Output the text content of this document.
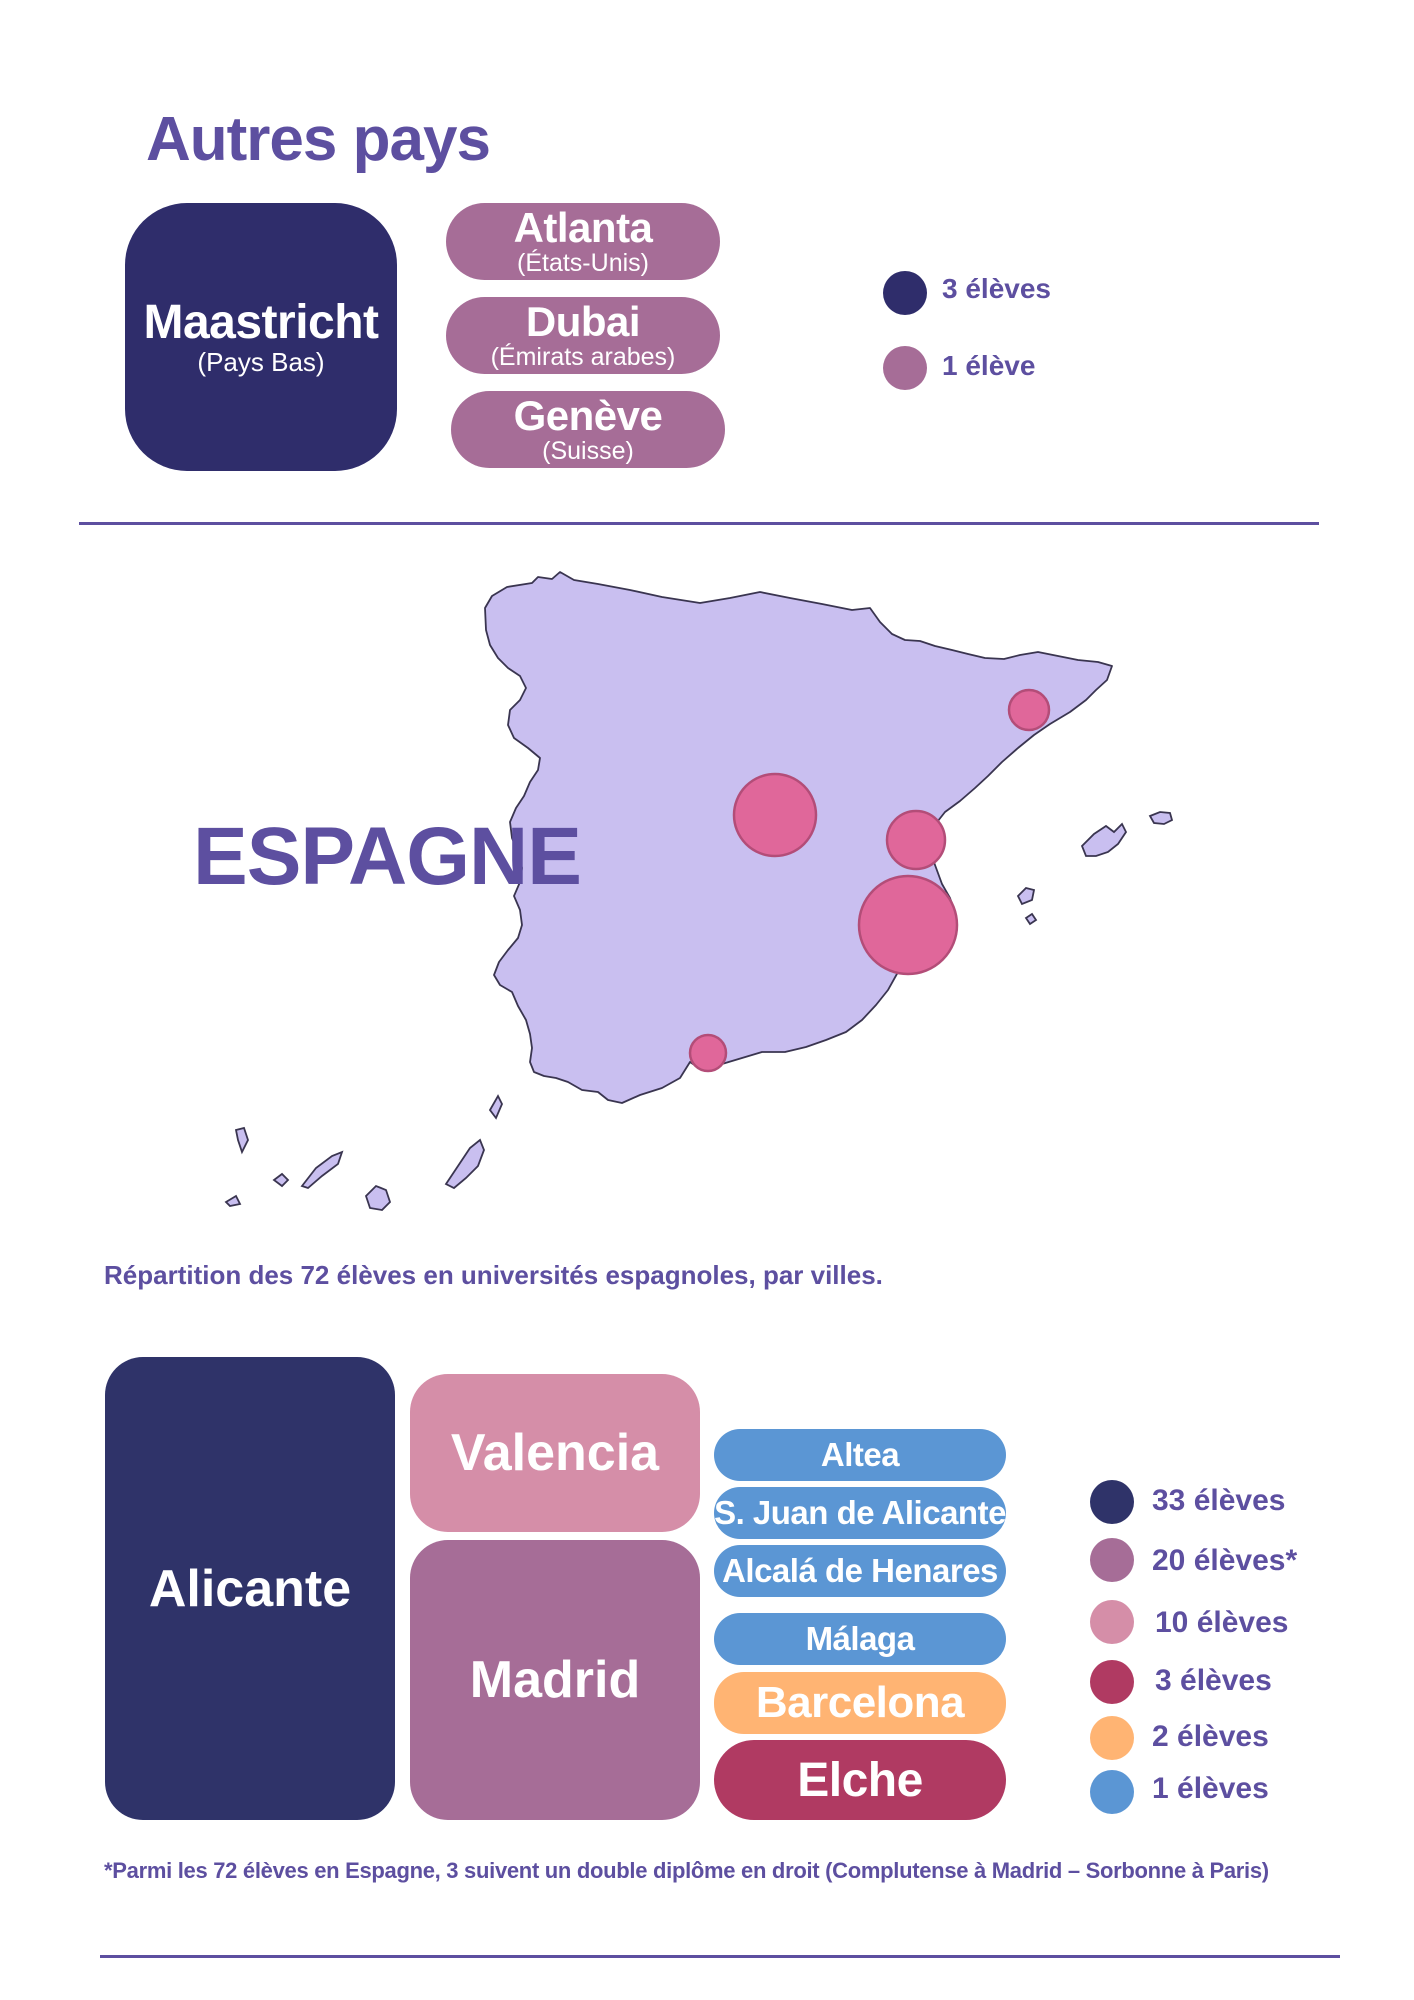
Autres pays
Maastricht
(Pays Bas)
Atlanta
(États-Unis)
Dubai
(Émirats arabes)
Genève
(Suisse)
3 élèves
1 élève
ESPAGNE
Répartition des 72 élèves en universités espagnoles, par villes.
Alicante
Valencia
Madrid
Altea
S. Juan de Alicante
Alcalá de Henares
Málaga
Barcelona
Elche
33 élèves
20 élèves*
10 élèves
3 élèves
2 élèves
1 élèves
*Parmi les 72 élèves en Espagne, 3 suivent un double diplôme en droit (Complutense à Madrid – Sorbonne à Paris)
